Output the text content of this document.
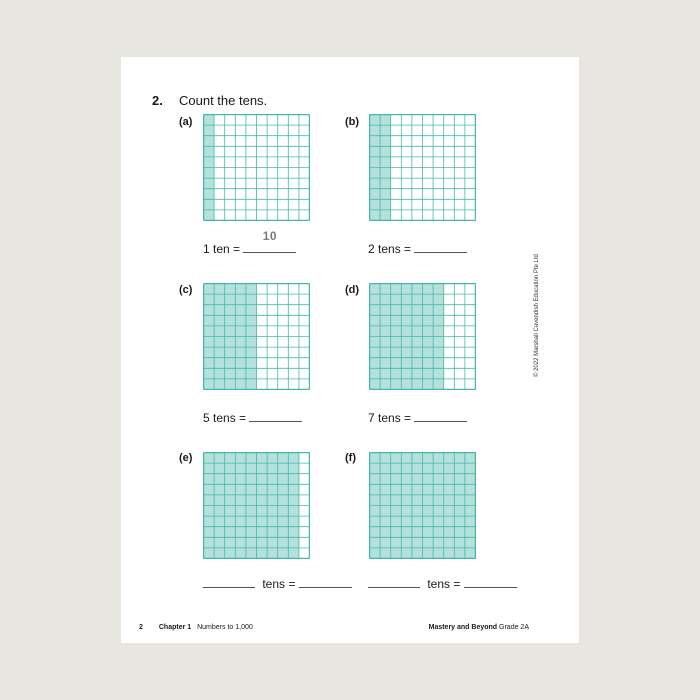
2. Count the tens.
(a)
1 ten =
10
(b)
2 tens =
(c)
5 tens =
(d)
7 tens =
(e)
tens =
(f)
tens =
© 2022 Marshall Cavendish Education Pte Ltd
2 Chapter 1 Numbers to 1,000	Mastery and Beyond Grade 2A
